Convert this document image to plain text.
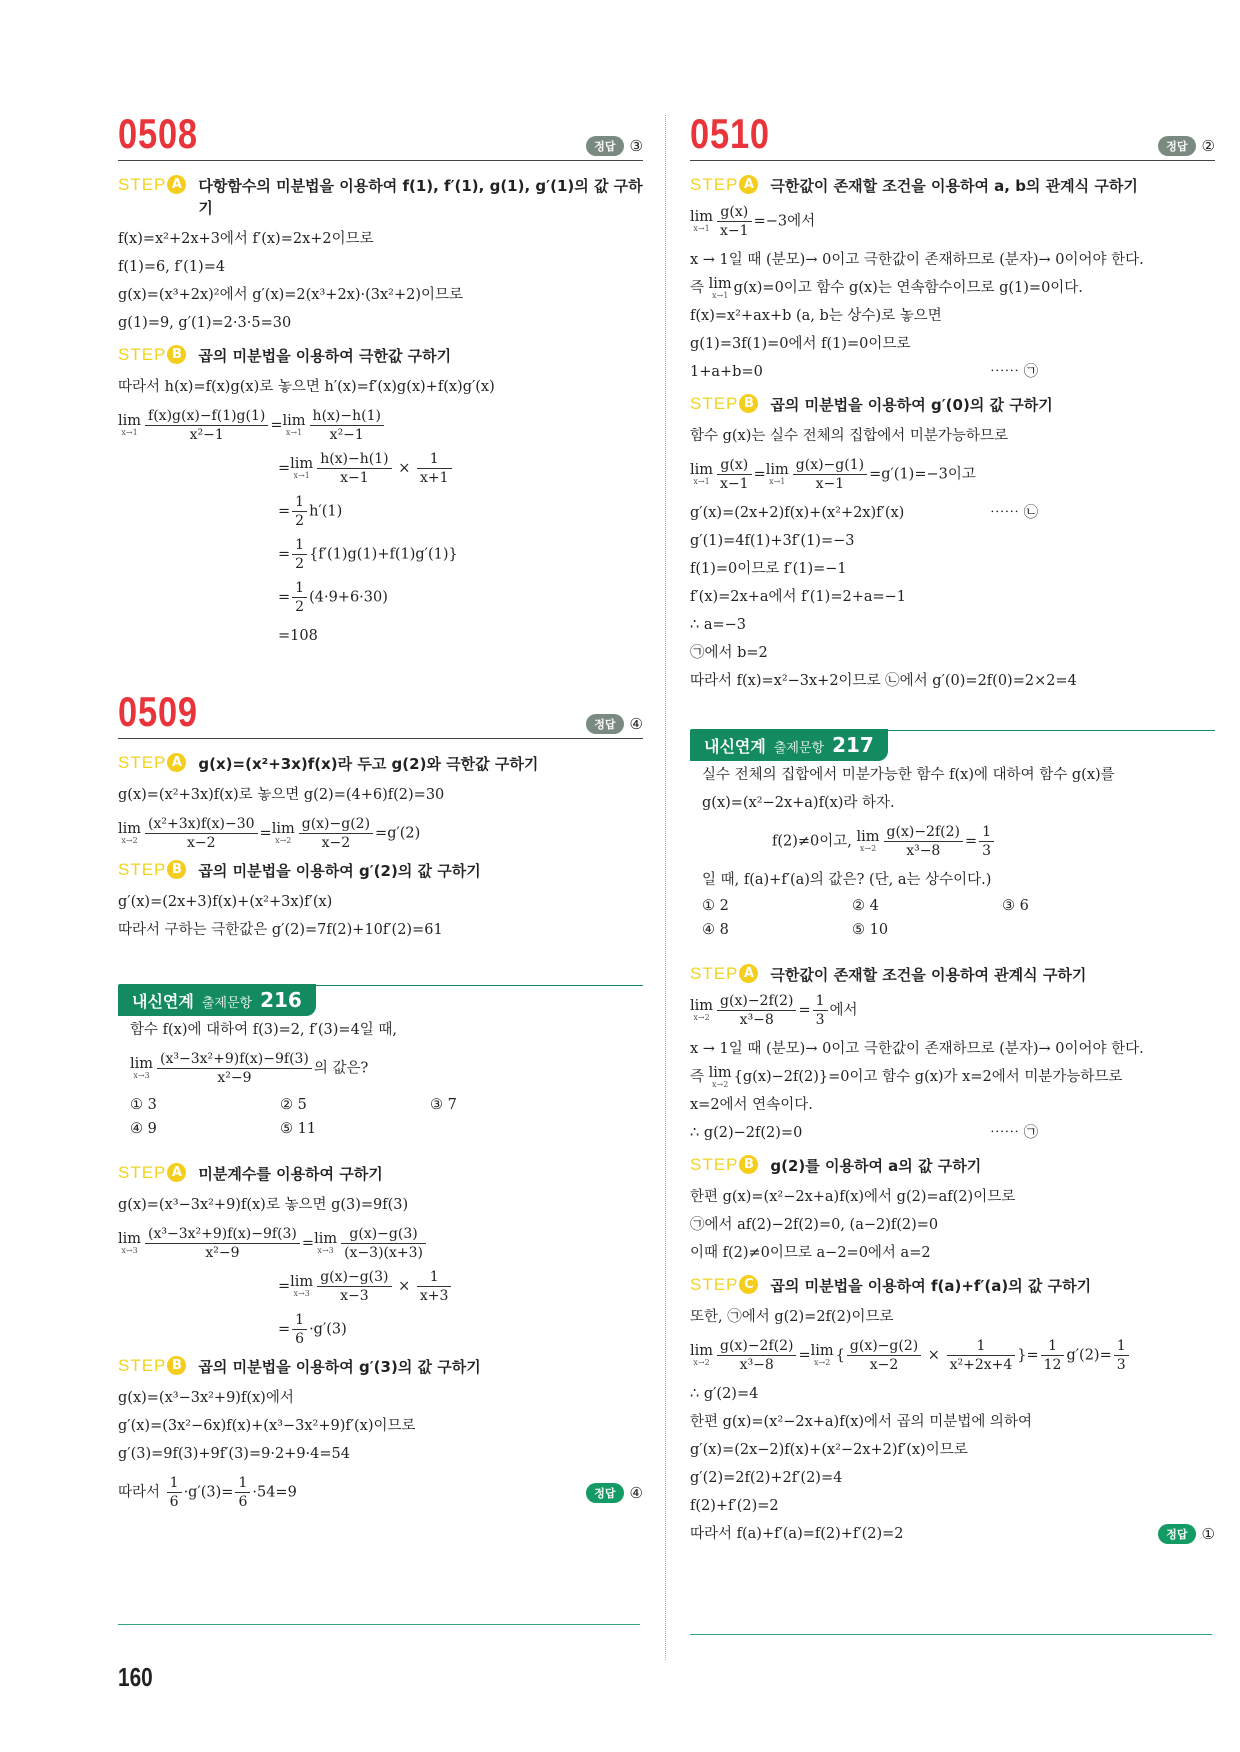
0508	정답 ③
STEP A 다항함수의 미분법을 이용하여 f(1), f′(1), g(1), g′(1)의 값 구하기
f(x)=x²+2x+3에서 f′(x)=2x+2이므로
f(1)=6, f′(1)=4
g(x)=(x³+2x)²에서 g′(x)=2(x³+2x)·(3x²+2)이므로
g(1)=9, g′(1)=2·3·5=30
STEP B	곱의 미분법을 이용하여 극한값 구하기
따라서 h(x)=f(x)g(x)로 놓으면 h′(x)=f′(x)g(x)+f(x)g′(x)
lim
$x\to 1 \frac{f(x)g(x)-f(1)g(1)}{\text{x²−1}} = \lim$
$x\to 1 \frac{h(x)-h(1)}{\text{x²−1}}$
= lim
$x\to 1 \frac{h(x)-h(1)}{x-1} \times \frac{1}{x+1}$
= $\frac{1}{2} h'(1)$
= $\frac{1}{2} \{f'(1)g(1)+f(1)g'(1)\}$
= $\frac{1}{2} (4\cdot 9+6\cdot 30)$
=108
0509	정답 ④
STEP A g(x)=(x²+3x)f(x)라 두고 g(2)와 극한값 구하기
g(x)=(x²+3x)f(x)로 놓으면 g(2)=(4+6)f(2)=30
lim
$x\to 2 \frac{\text{(x²+3x)f(x)−30}}{x-2} = \lim$
$x\to 2 \frac{g(x)-g(2)}{x-2} =g'(2)$
STEP B	곱의 미분법을 이용하여 g′(2)의 값 구하기
g′(x)=(2x+3)f(x)+(x²+3x)f′(x)
따라서 구하는 극한값은 g′(2)=7f(2)+10f′(2)=61
내신연계 출제문항 216
함수 f(x)에 대하여 f(3)=2, f′(3)=4일 때,
lim
$x\to 3 \frac{\text{(x³−3x²+9)f(x)−9f(3)}}{\text{x²−9}}$ 의 값은?
① 3	② 5	③ 7
④ 9	⑤ 11
STEP A 미분계수를 이용하여 구하기
g(x)=(x³−3x²+9)f(x)로 놓으면 g(3)=9f(3)
lim
$x\to 3 \frac{\text{(x³−3x²+9)f(x)−9f(3)}}{\text{x²−9}} = \lim$
$x\to 3 \frac{g(x)-g(3)}{(x-3)(x+3)}$
= lim
$x\to 3 \frac{g(x)-g(3)}{x-3} \times \frac{1}{x+3}$
= $\frac{1}{6} \cdot g'(3)$
STEP B	곱의 미분법을 이용하여 g′(3)의 값 구하기
g(x)=(x³−3x²+9)f(x)에서
g′(x)=(3x²−6x)f(x)+(x³−3x²+9)f′(x)이므로
g′(3)=9f(3)+9f′(3)=9·2+9·4=54
따라서 $\frac{1}{6} \cdot g'(3)= \frac{1}{6} \cdot 54=9$	정답 ④
0510	정답 ②
STEP A 극한값이 존재할 조건을 이용하여 a, b의 관계식 구하기
lim
$x\to 1 \frac{g(x)}{x-1} =-3$에서
x → 1일 때 (분모)→ 0이고 극한값이 존재하므로 (분자)→ 0이어야 한다.
즉 lim
x→1 g(x)=0이고 함수 g(x)는 연속함수이므로 g(1)=0이다.
f(x)=x²+ax+b (a, b는 상수)로 놓으면
g(1)=3f(1)=0에서 f(1)=0이므로
1+a+b=0	⋯⋯ ㉠
STEP B	곱의 미분법을 이용하여 g′(0)의 값 구하기
함수 g(x)는 실수 전체의 집합에서 미분가능하므로
lim
$x\to 1 \frac{g(x)}{x-1} = \lim$
$x\to 1 \frac{g(x)-g(1)}{x-1} =g'(1)=-3$이고
g′(x)=(2x+2)f(x)+(x²+2x)f′(x)	⋯⋯ ㉡
g′(1)=4f(1)+3f′(1)=−3
f(1)=0이므로 f′(1)=−1
f′(x)=2x+a에서 f′(1)=2+a=−1
∴ a=−3
㉠에서 b=2
따라서 f(x)=x²−3x+2이므로 ㉡에서 g′(0)=2f(0)=2×2=4
내신연계 출제문항 217
실수 전체의 집합에서 미분가능한 함수 f(x)에 대하여 함수 g(x)를
g(x)=(x²−2x+a)f(x)라 하자.
f(2)≠0이고, lim
$x\to 2 \frac{g(x)-2f(2)}{\text{x³−8}} = \frac{1}{3}$
일 때, f(a)+f′(a)의 값은? (단, a는 상수이다.)
① 2	② 4	③ 6
④ 8	⑤ 10
STEP A 극한값이 존재할 조건을 이용하여 관계식 구하기
lim
$x\to 2 \frac{g(x)-2f(2)}{\text{x³−8}} = \frac{1}{3}$ 에서
x → 1일 때 (분모)→ 0이고 극한값이 존재하므로 (분자)→ 0이어야 한다.
즉 lim
x→2 {g(x)−2f(2)}=0이고 함수 g(x)가 x=2에서 미분가능하므로
x=2에서 연속이다.
∴ g(2)−2f(2)=0	⋯⋯ ㉠
STEP B	g(2)를 이용하여 a의 값 구하기
한편 g(x)=(x²−2x+a)f(x)에서 g(2)=af(2)이므로
㉠에서 af(2)−2f(2)=0, (a−2)f(2)=0
이때 f(2)≠0이므로 a−2=0에서 a=2
STEP C	곱의 미분법을 이용하여 f(a)+f′(a)의 값 구하기
또한, ㉠에서 g(2)=2f(2)이므로
lim
$x\to 2 \frac{g(x)-2f(2)}{\text{x³−8}} = \lim$
x→2 { $\frac{g(x)-g(2)}{x-2} \times \frac{1}{\text{x²+2x+4}}$ }= $\frac{1}{12} g'(2)= \frac{1}{3}$
∴ g′(2)=4
한편 g(x)=(x²−2x+a)f(x)에서 곱의 미분법에 의하여
g′(x)=(2x−2)f(x)+(x²−2x+2)f′(x)이므로
g′(2)=2f(2)+2f′(2)=4
f(2)+f′(2)=2
따라서 f(a)+f′(a)=f(2)+f′(2)=2	정답 ①
160
